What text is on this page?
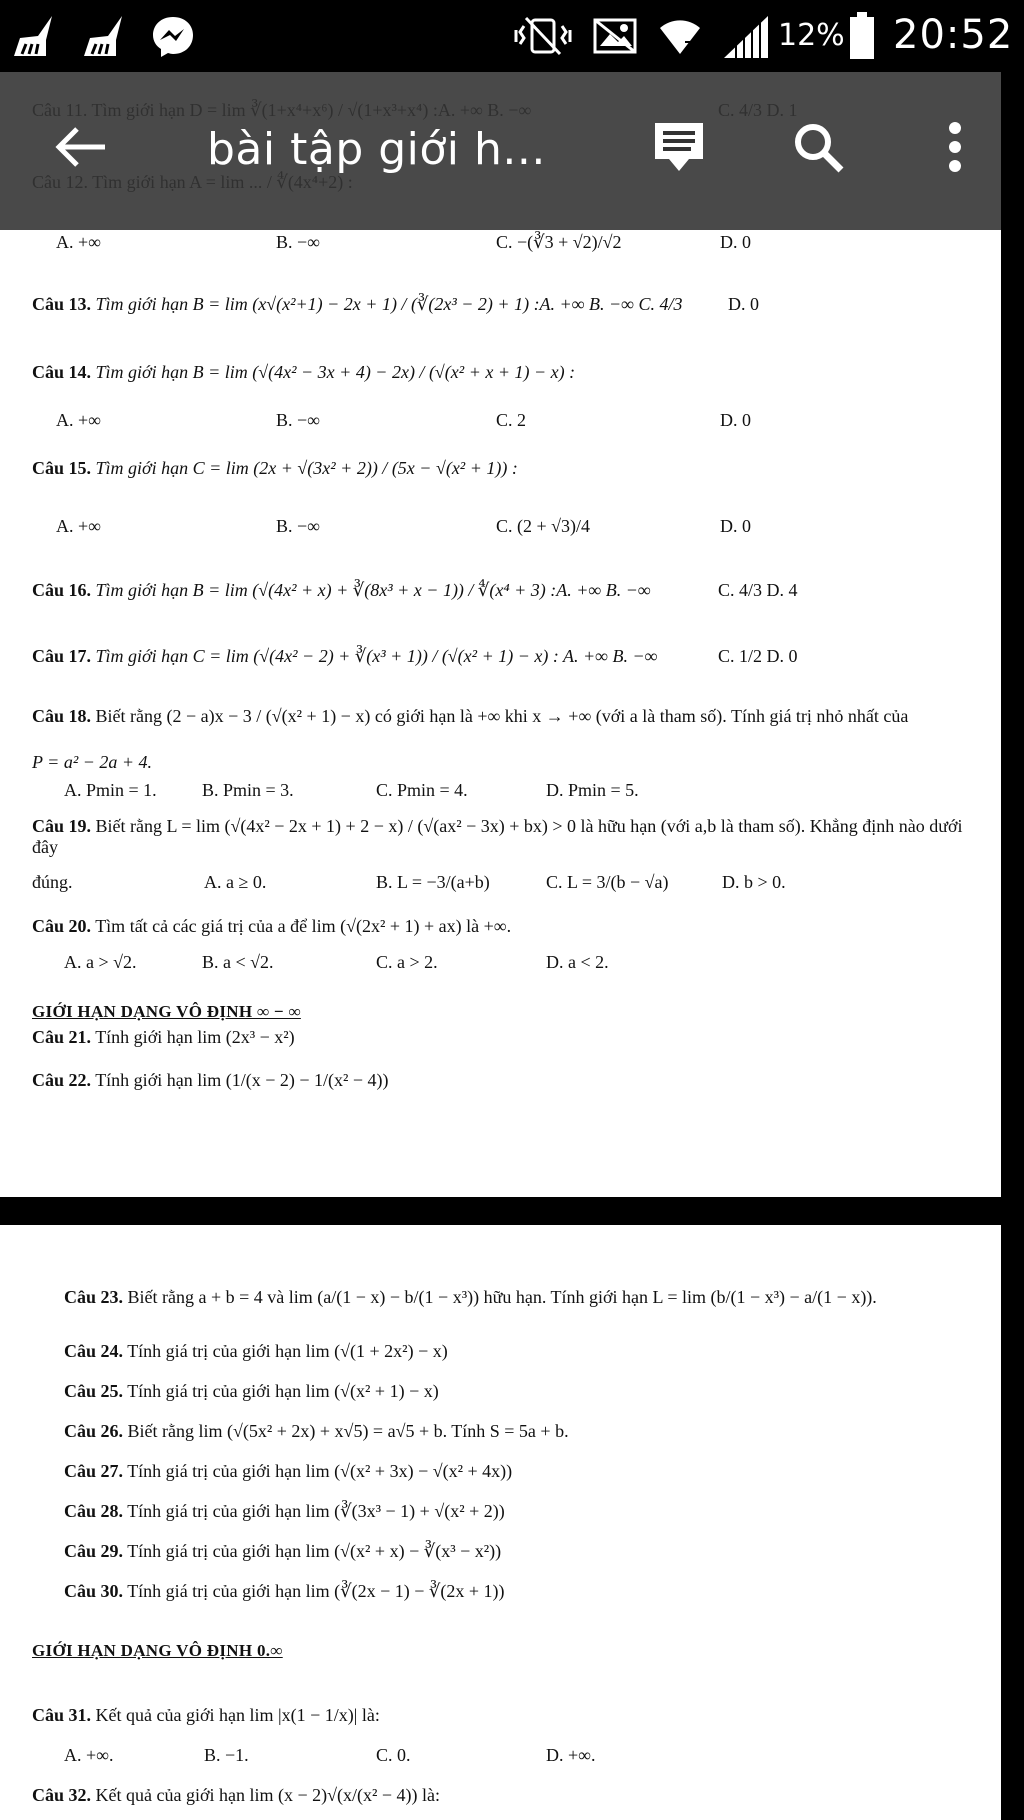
12% 20:52
A. +∞	B. −∞	C. −(∛3 + √2)/√2	D. 0
Câu 13. Tìm giới hạn B = lim (x√(x²+1) − 2x + 1) / (∛(2x³ − 2) + 1) :A. +∞ B. −∞ C. 4/3	D. 0
Câu 14. Tìm giới hạn B = lim (√(4x² − 3x + 4) − 2x) / (√(x² + x + 1) − x) :
A. +∞	B. −∞	C. 2	D. 0
Câu 15. Tìm giới hạn C = lim (2x + √(3x² + 2)) / (5x − √(x² + 1)) :
A. +∞	B. −∞	C. (2 + √3)/4	D. 0
Câu 16. Tìm giới hạn B = lim (√(4x² + x) + ∛(8x³ + x − 1)) / ∜(x⁴ + 3) :A. +∞ B. −∞	C. 4/3 D. 4
Câu 17. Tìm giới hạn C = lim (√(4x² − 2) + ∛(x³ + 1)) / (√(x² + 1) − x) : A. +∞ B. −∞	C. 1/2 D. 0
Câu 18. Biết rằng (2 − a)x − 3 / (√(x² + 1) − x) có giới hạn là +∞ khi x → +∞ (với a là tham số). Tính giá trị nhỏ nhất của
P = a² − 2a + 4.
A. Pmin = 1.	B. Pmin = 3.	C. Pmin = 4.	D. Pmin = 5.
Câu 19. Biết rằng L = lim (√(4x² − 2x + 1) + 2 − x) / (√(ax² − 3x) + bx) > 0 là hữu hạn (với a,b là tham số). Khẳng định nào dưới đây
đúng.	A. a ≥ 0.	B. L = −3/(a+b)	C. L = 3/(b − √a)	D. b > 0.
Câu 20. Tìm tất cả các giá trị của a để lim (√(2x² + 1) + ax) là +∞.
A. a > √2.	B. a < √2.	C. a > 2.	D. a < 2.
GIỚI HẠN DẠNG VÔ ĐỊNH ∞ − ∞
Câu 21. Tính giới hạn lim (2x³ − x²)
Câu 22. Tính giới hạn lim (1/(x − 2) − 1/(x² − 4))
bài tập giới h...
Câu 23. Biết rằng a + b = 4 và lim (a/(1 − x) − b/(1 − x³)) hữu hạn. Tính giới hạn L = lim (b/(1 − x³) − a/(1 − x)).
Câu 24. Tính giá trị của giới hạn lim (√(1 + 2x²) − x)
Câu 25. Tính giá trị của giới hạn lim (√(x² + 1) − x)
Câu 26. Biết rằng lim (√(5x² + 2x) + x√5) = a√5 + b. Tính S = 5a + b.
Câu 27. Tính giá trị của giới hạn lim (√(x² + 3x) − √(x² + 4x))
Câu 28. Tính giá trị của giới hạn lim (∛(3x³ − 1) + √(x² + 2))
Câu 29. Tính giá trị của giới hạn lim (√(x² + x) − ∛(x³ − x²))
Câu 30. Tính giá trị của giới hạn lim (∛(2x − 1) − ∛(2x + 1))
GIỚI HẠN DẠNG VÔ ĐỊNH 0.∞
Câu 31. Kết quả của giới hạn lim |x(1 − 1/x)| là:
A. +∞.	B. −1.	C. 0.	D. +∞.
Câu 32. Kết quả của giới hạn lim (x − 2)√(x/(x² − 4)) là:
